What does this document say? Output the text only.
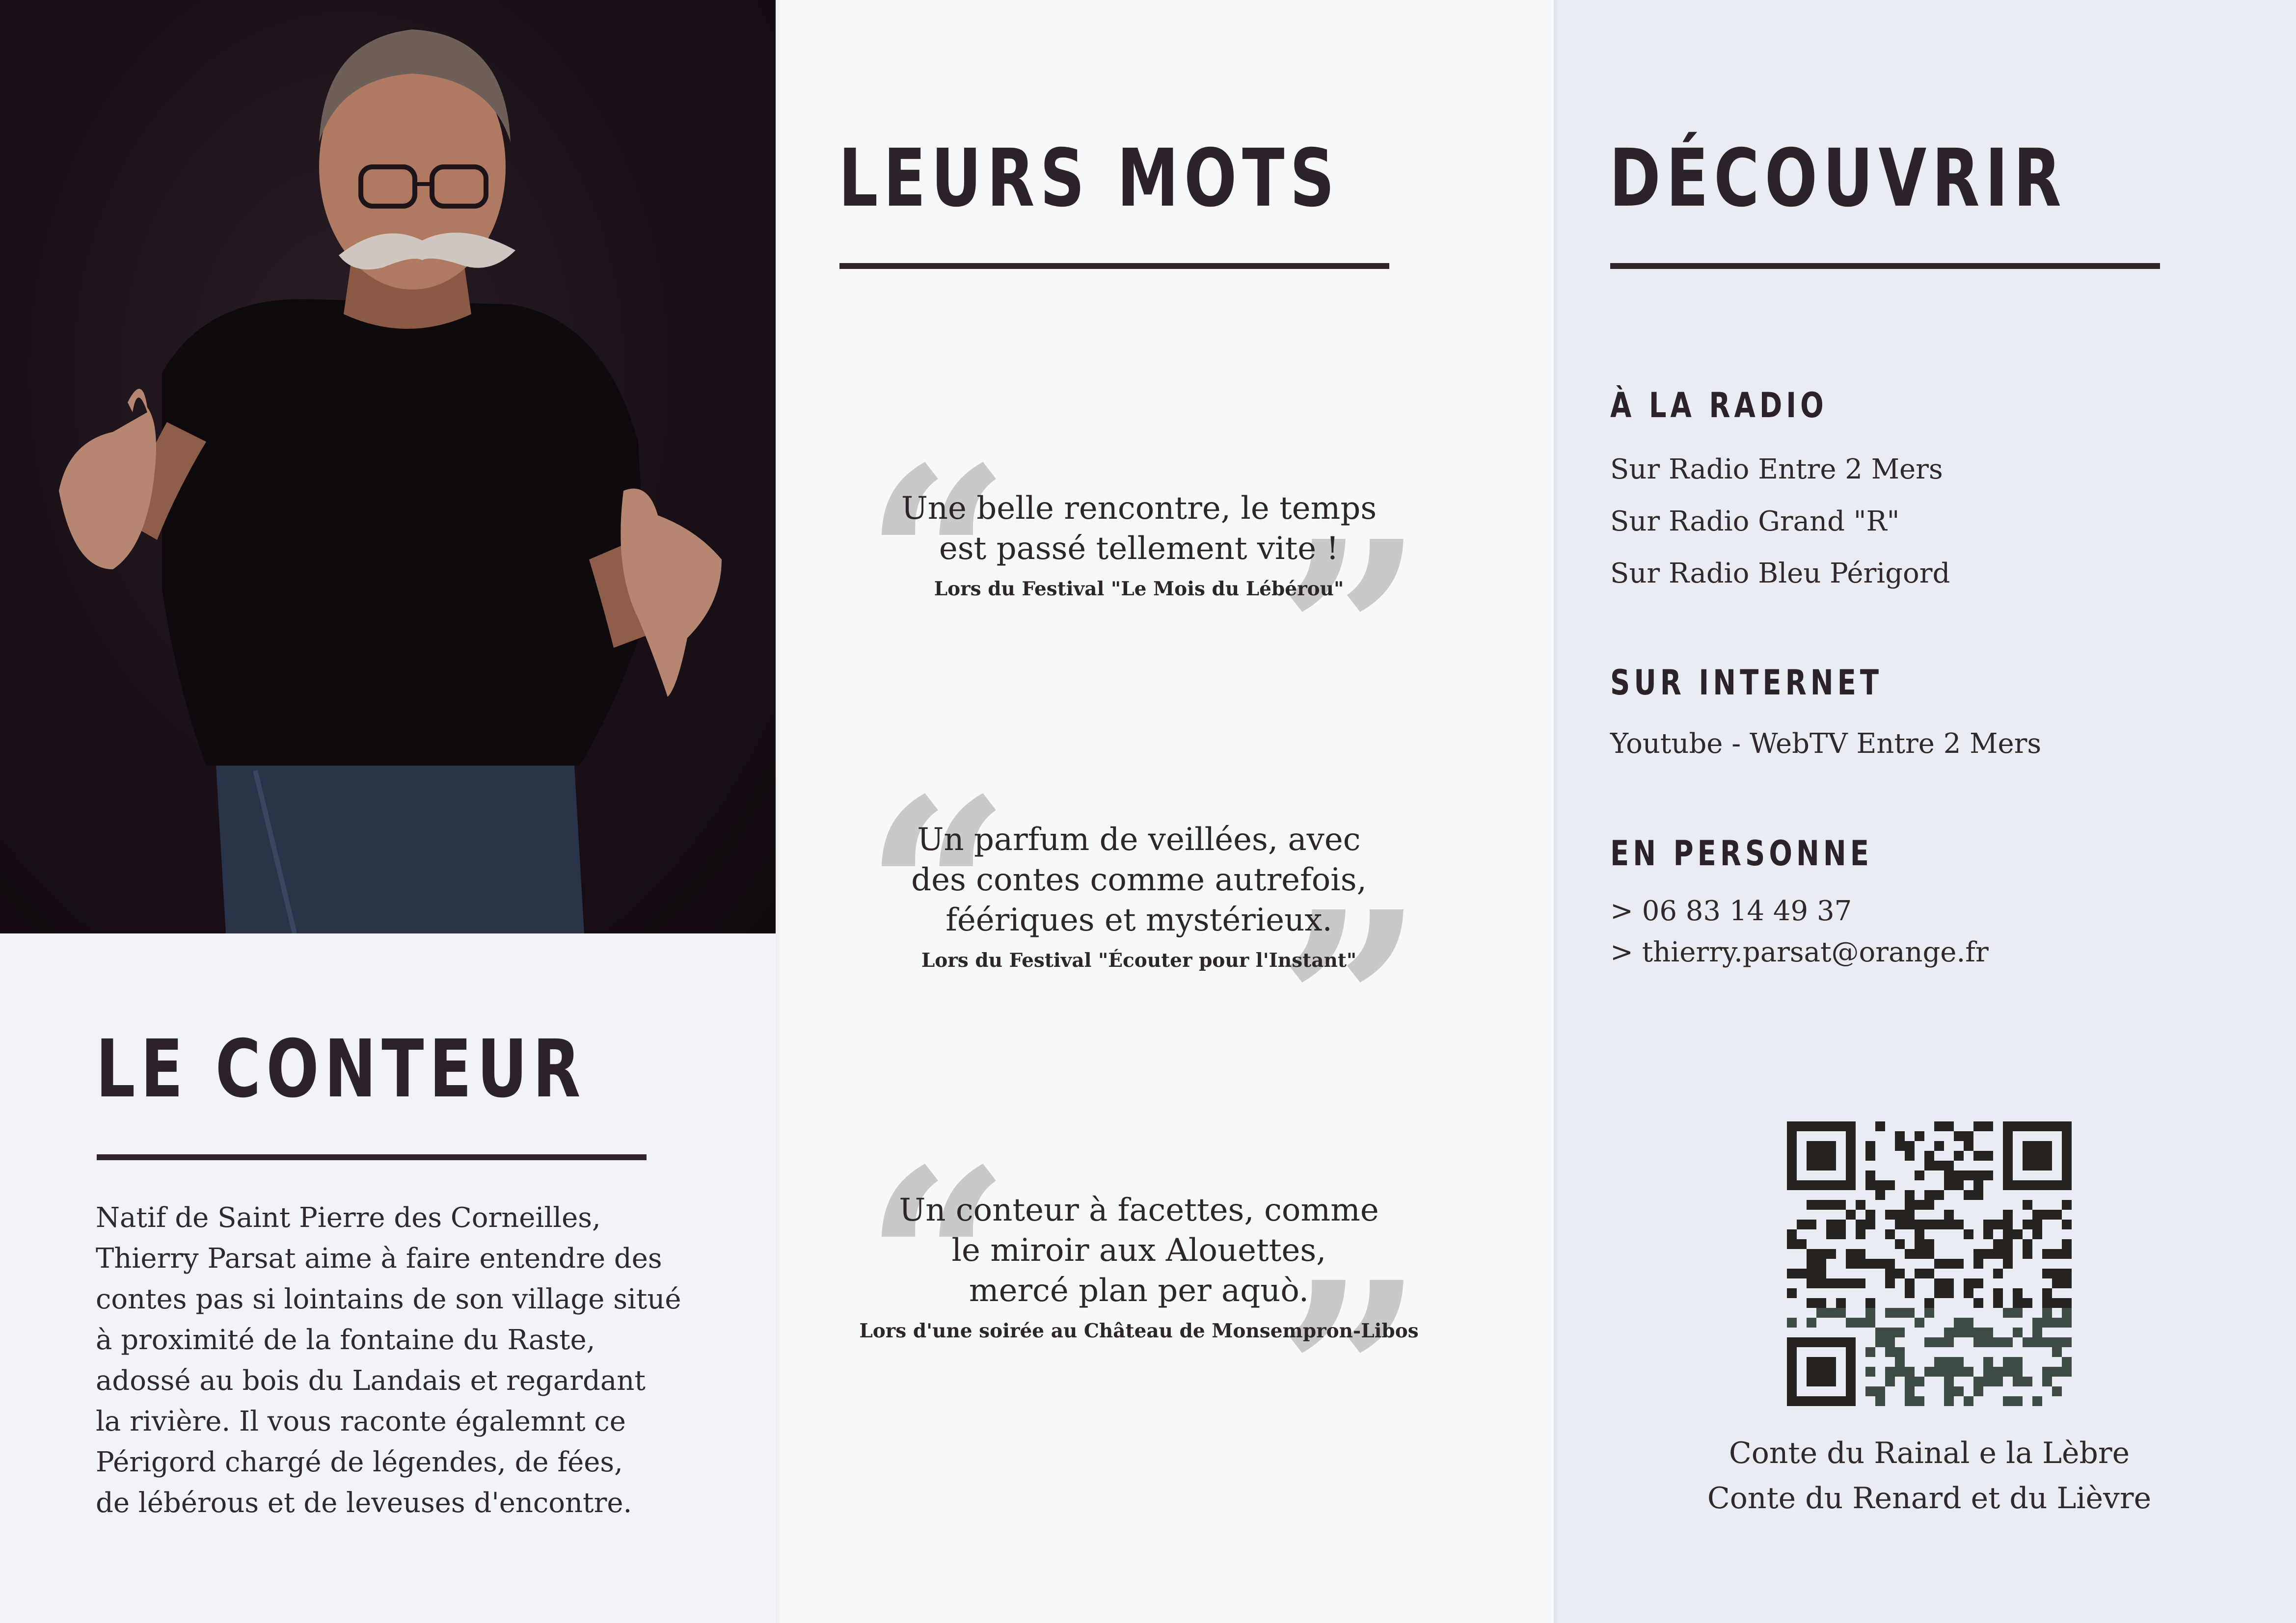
LE CONTEUR

Natif de Saint Pierre des Corneilles,
Thierry Parsat aime à faire entendre des
contes pas si lointains de son village situé
à proximité de la fontaine du Raste,
adossé au bois du Landais et regardant
la rivière. Il vous raconte égalemnt ce
Périgord chargé de légendes, de fées,
de lébérous et de leveuses d'encontre.

LEURS MOTS
“ ”
Une belle rencontre, le temps
est passé tellement vite !
Lors du Festival "Le Mois du Lébérou"
“ ”
Un parfum de veillées, avec
des contes comme autrefois,
féériques et mystérieux.
Lors du Festival "Écouter pour l'Instant"
“ ”
Un conteur à facettes, comme
le miroir aux Alouettes,
mercé plan per aquò.
Lors d'une soirée au Château de Monsempron-Libos
DÉCOUVRIR
À LA RADIO
Sur Radio Entre 2 Mers
Sur Radio Grand "R"
Sur Radio Bleu Périgord
SUR INTERNET
Youtube - WebTV Entre 2 Mers
EN PERSONNE
> 06 83 14 49 37
> thierry.parsat@orange.fr
Conte du Rainal e la Lèbre
Conte du Renard et du Lièvre
